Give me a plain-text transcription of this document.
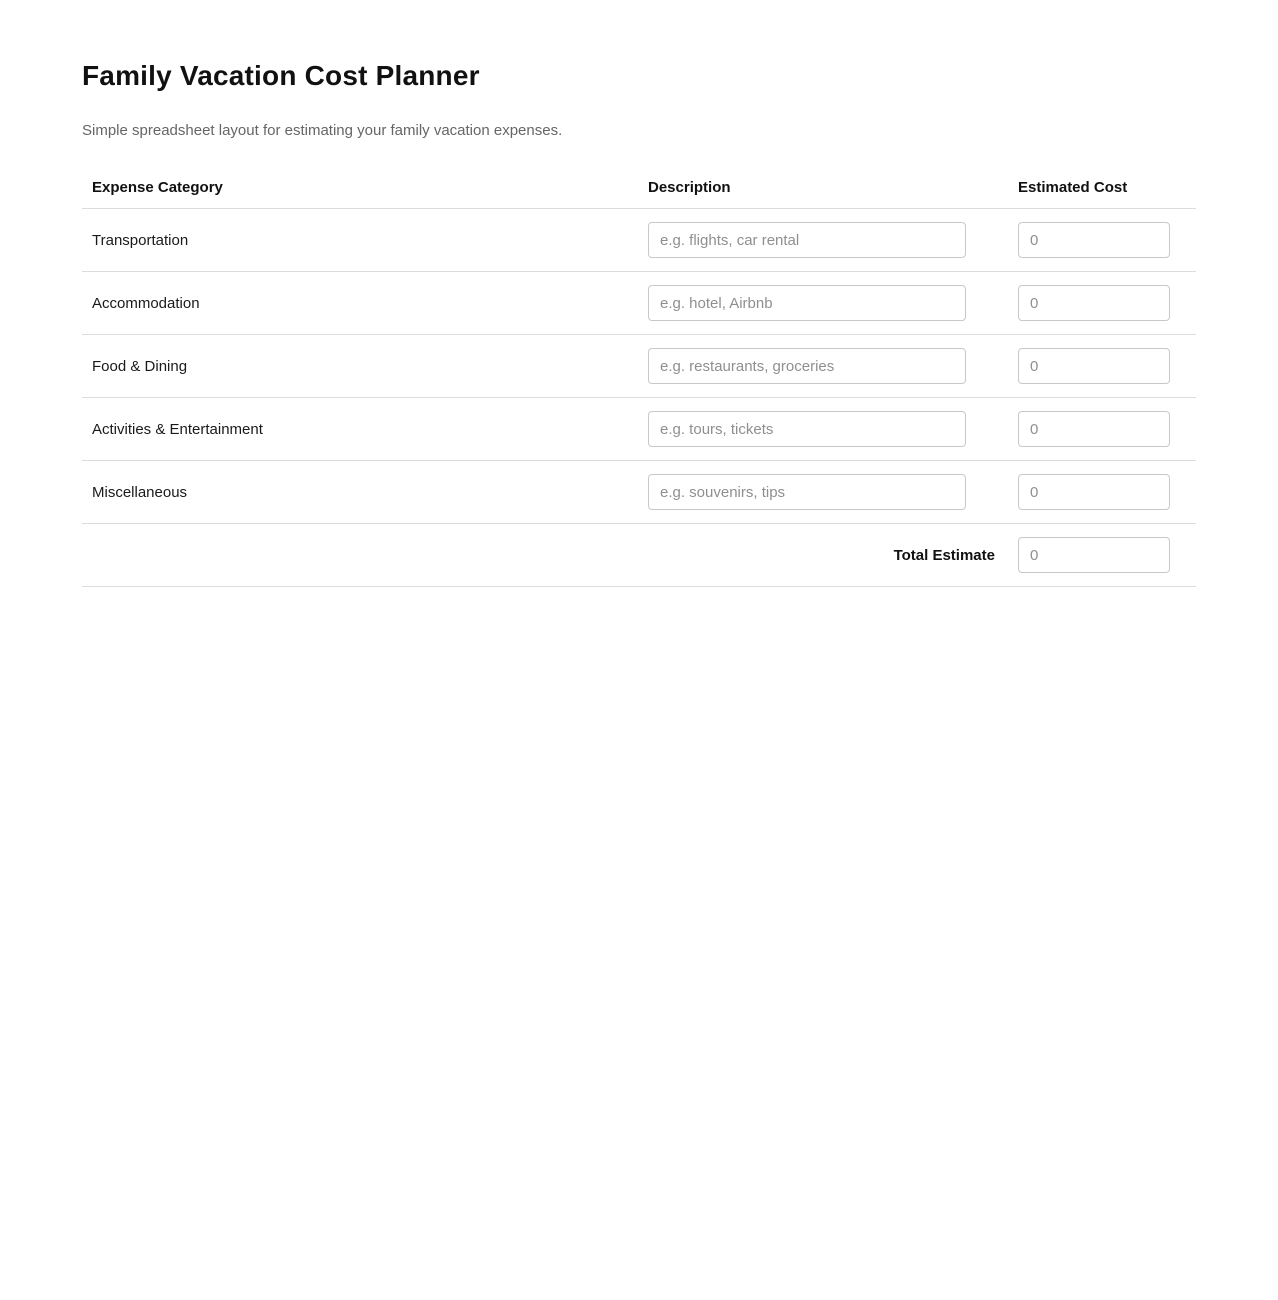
Family Vacation Cost Planner

Simple spreadsheet layout for estimating your family vacation expenses.

Expense Category	Description	Estimated Cost
Transportation	e.g. flights, car rental	0
Accommodation	e.g. hotel, Airbnb	0
Food & Dining	e.g. restaurants, groceries	0
Activities & Entertainment	e.g. tours, tickets	0
Miscellaneous	e.g. souvenirs, tips	0
	Total Estimate	0
